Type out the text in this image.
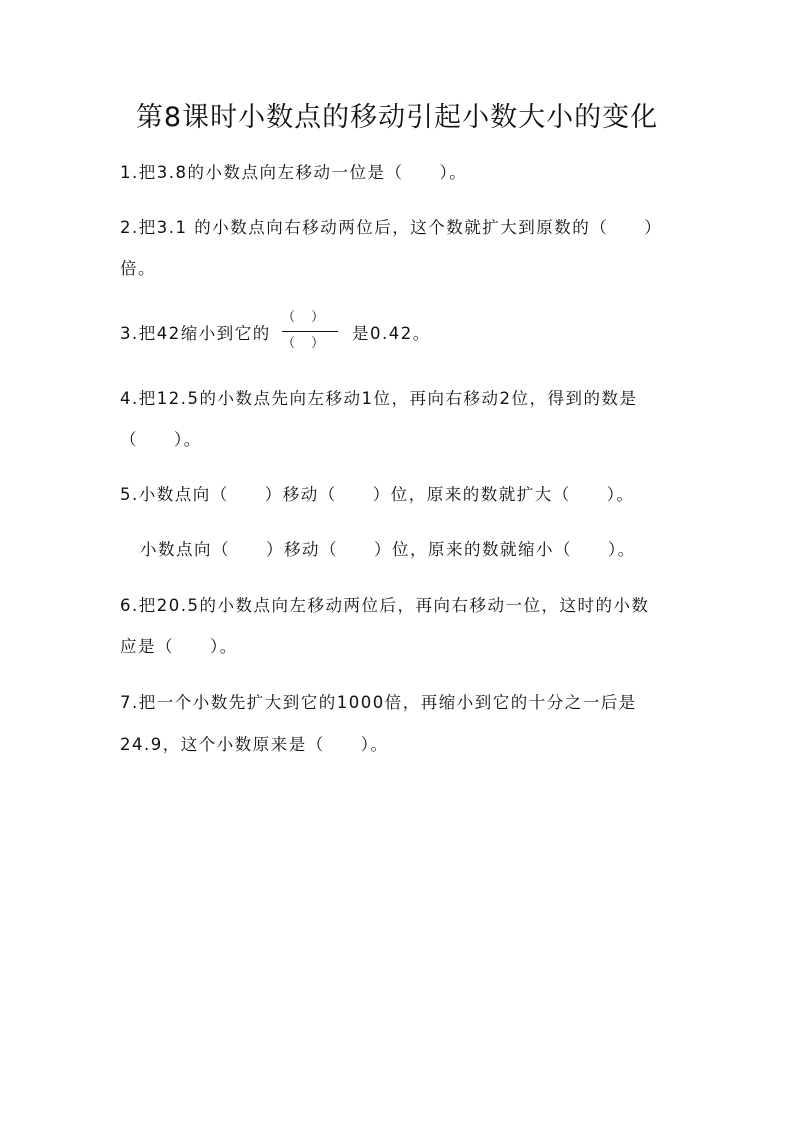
第8课时小数点的移动引起小数大小的变化
1.把3.8的小数点向左移动一位是（　　）。
2.把3.1 的小数点向右移动两位后，这个数就扩大到原数的（　　）
倍。
3.把42缩小到它的
（ ）
（ ）
是0.42。
4.把12.5的小数点先向左移动1位，再向右移动2位，得到的数是
（　　）。
5.小数点向（　　）移动（　　）位，原来的数就扩大（　　）。
小数点向（　　）移动（　　）位，原来的数就缩小（　　）。
6.把20.5的小数点向左移动两位后，再向右移动一位，这时的小数
应是（　　）。
7.把一个小数先扩大到它的1000倍，再缩小到它的十分之一后是
24.9，这个小数原来是（　　）。
